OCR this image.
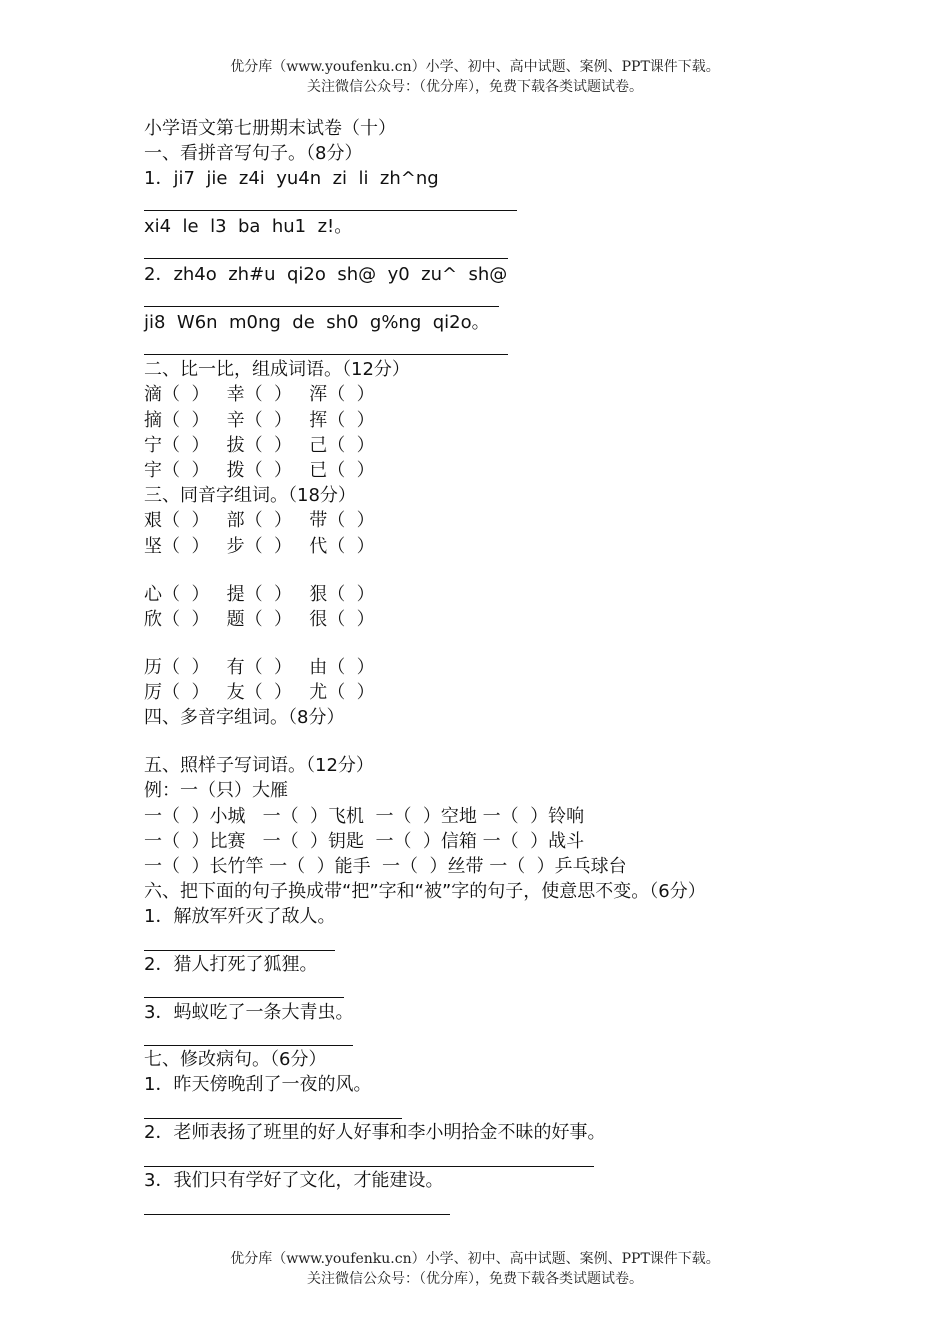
优分库（www.youfenku.cn）小学、初中、高中试题、案例、PPT课件下载。
关注微信公众号：（优分库），免费下载各类试题试卷。
小学语文第七册期末试卷（十）
一、看拼音写句子。（8分）
1．ji7  jie  z4i  yu4n  zi  li  zh^ng
xi4  le  l3  ba  hu1  z!。
2．zh4o  zh#u  qi2o  sh@  y0  zu^  sh@
ji8  W6n  m0ng  de  sh0  g%ng  qi2o。
二、比一比，组成词语。（12分）
滴（  ）   幸（  ）   浑（  ）
摘（  ）   辛（  ）   挥（  ）
宁（  ）   拔（  ）   己（  ）
宇（  ）   拨（  ）   已（  ）
三、同音字组词。（18分）
艰（  ）   部（  ）   带（  ）
坚（  ）   步（  ）   代（  ）
心（  ）   提（  ）   狠（  ）
欣（  ）   题（  ）   很（  ）
历（  ）   有（  ）   由（  ）
厉（  ）   友（  ）   尤（  ）
四、多音字组词。（8分）
五、照样子写词语。（12分）
例：一（只）大雁
一（  ）小城   一（  ）飞机  一（  ）空地 一（  ）铃响
一（  ）比赛   一（  ）钥匙  一（  ）信箱 一（  ）战斗
一（  ）长竹竿 一（  ）能手  一（  ）丝带 一（  ）乒乓球台
六、把下面的句子换成带“把”字和“被”字的句子，使意思不变。（6分）
1．解放军歼灭了敌人。
2．猎人打死了狐狸。
3．蚂蚁吃了一条大青虫。
七、修改病句。（6分）
1．昨天傍晚刮了一夜的风。
2．老师表扬了班里的好人好事和李小明拾金不昧的好事。
3．我们只有学好了文化，才能建设。
优分库（www.youfenku.cn）小学、初中、高中试题、案例、PPT课件下载。
关注微信公众号：（优分库），免费下载各类试题试卷。
